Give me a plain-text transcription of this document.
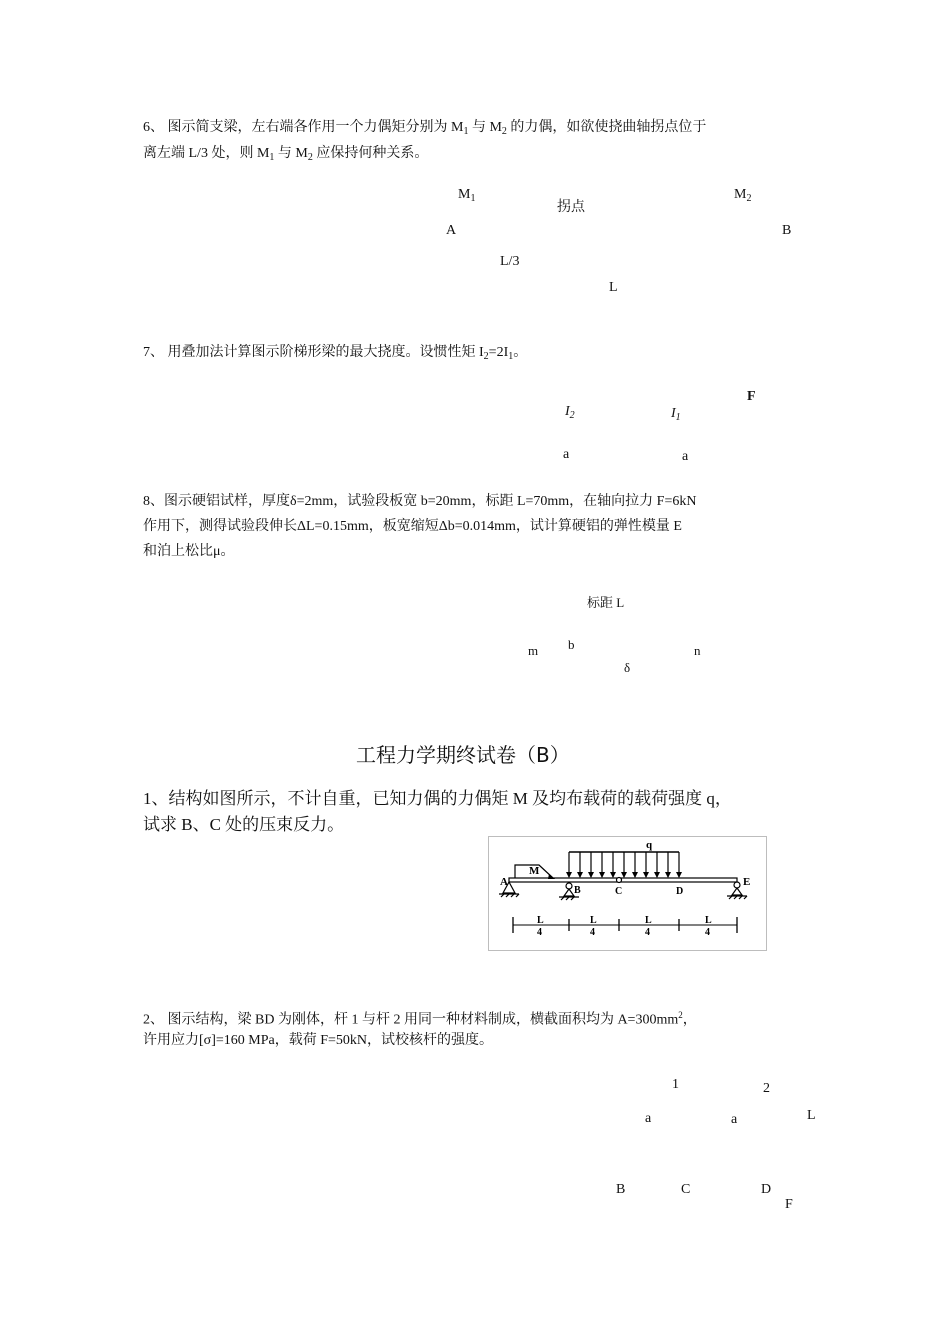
6、 图示简支梁，左右端各作用一个力偶矩分别为 $M_1$ 与 $M_2$ 的力偶，如欲使挠曲轴拐点位于
离左端 L/3 处，则 $M_1$ 与 $M_2$ 应保持何种关系。
$M_1$
拐点
$M_2$
A	B
L/3
L
7、 用叠加法计算图示阶梯形梁的最大挠度。设惯性矩 $I_2=2I_1$。
F
$I_2$	$I_1$
a	a
8、图示硬铝试样，厚度δ=2mm，试验段板宽 b=20mm，标距 L=70mm，在轴向拉力 F=6kN
作用下，测得试验段伸长ΔL=0.15mm，板宽缩短Δb=0.014mm，试计算硬铝的弹性模量 E
和泊上松比μ。
标距 L
b
m	n
δ
工程力学期终试卷（B）
1、结构如图所示，不计自重，已知力偶的力偶矩 M 及均布载荷的载荷强度 q，
试求 B、C 处的压束反力。
q
M
A
B	C	D
E
L
4
L
4
L
4
L
4
2、 图示结构，梁 BD 为刚体，杆 1 与杆 2 用同一种材料制成，横截面积均为 $A=300mm^2$，
许用应力[σ]=160 MPa，载荷 F=50kN，试校核杆的强度。
1	2
a	a	L
B	C	D
F
